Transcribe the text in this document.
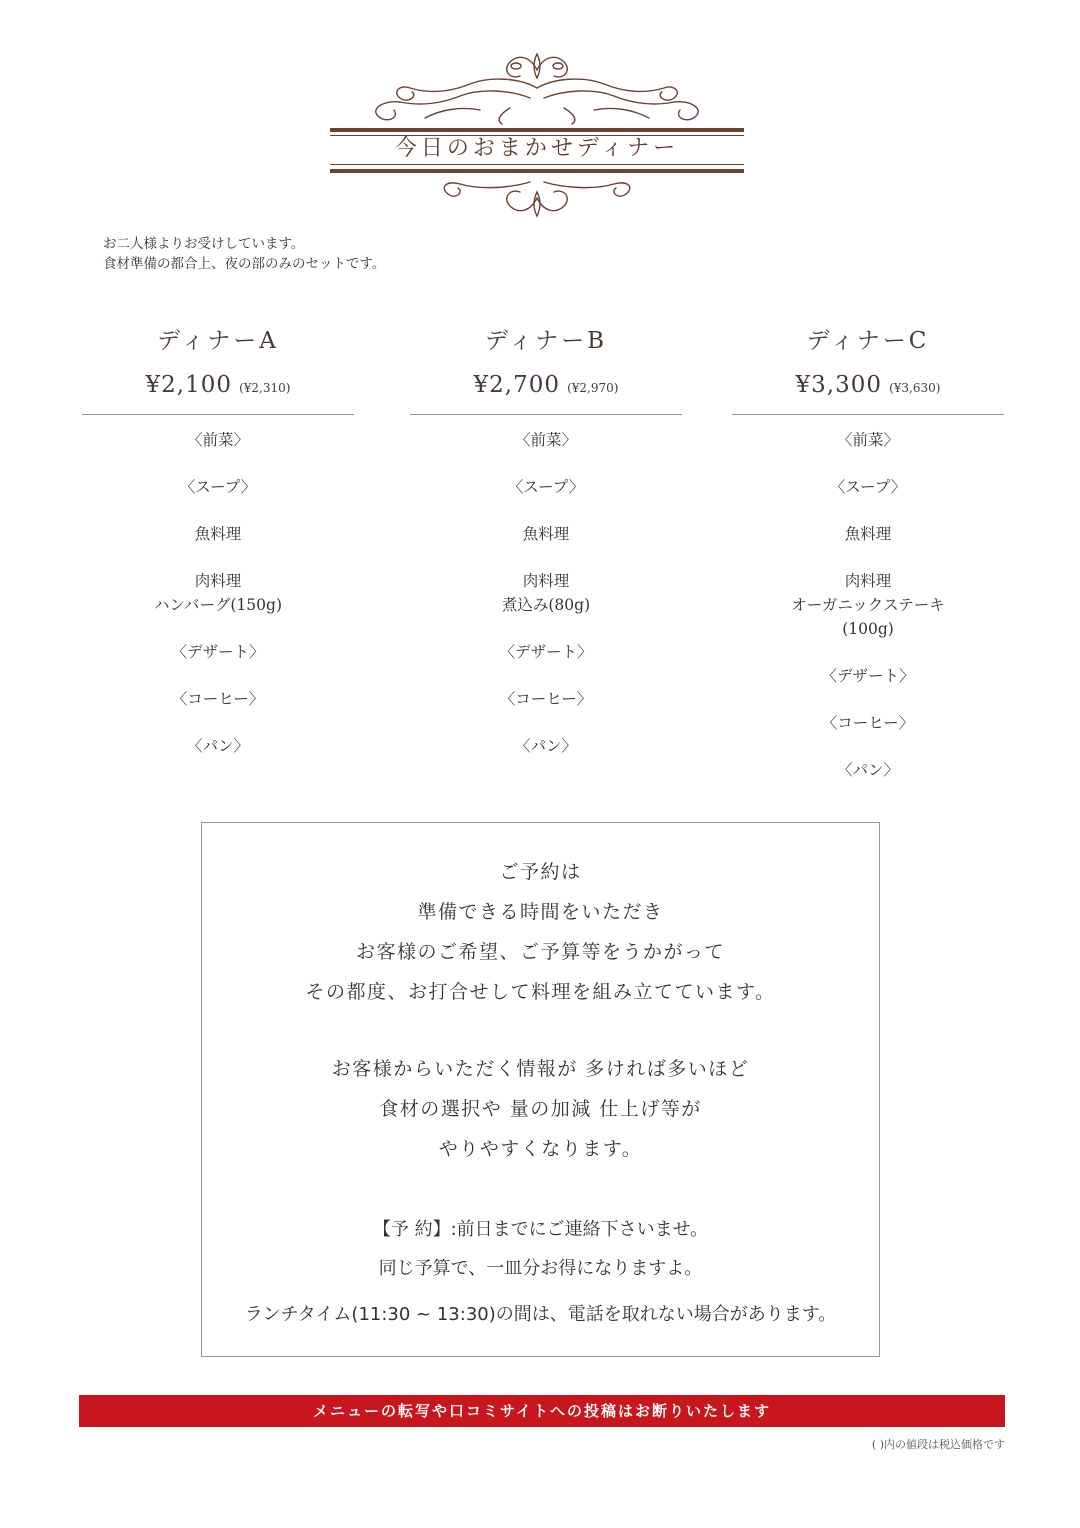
今日のおまかせディナー
お二人様よりお受けしています。
食材準備の都合上、夜の部のみのセットです。
ディナーA
¥2,100 (¥2,310)
〈前菜〉
〈スープ〉
魚料理
肉料理
ハンバーグ(150g)
〈デザート〉
〈コーヒー〉
〈パン〉
ディナーB
¥2,700 (¥2,970)
〈前菜〉
〈スープ〉
魚料理
肉料理
煮込み(80g)
〈デザート〉
〈コーヒー〉
〈パン〉
ディナーC
¥3,300 (¥3,630)
〈前菜〉
〈スープ〉
魚料理
肉料理
オーガニックステーキ
(100g)
〈デザート〉
〈コーヒー〉
〈パン〉
ご予約は
準備できる時間をいただき
お客様のご希望、ご予算等をうかがって
その都度、お打合せして料理を組み立てています。
お客様からいただく情報が 多ければ多いほど
食材の選択や 量の加減 仕上げ等が
やりやすくなります。
【予 約】:前日までにご連絡下さいませ。
同じ予算で、一皿分お得になりますよ。
ランチタイム(11:30 ~ 13:30)の間は、電話を取れない場合があります。
メニューの転写や口コミサイトへの投稿はお断りいたします
( )内の値段は税込価格です
